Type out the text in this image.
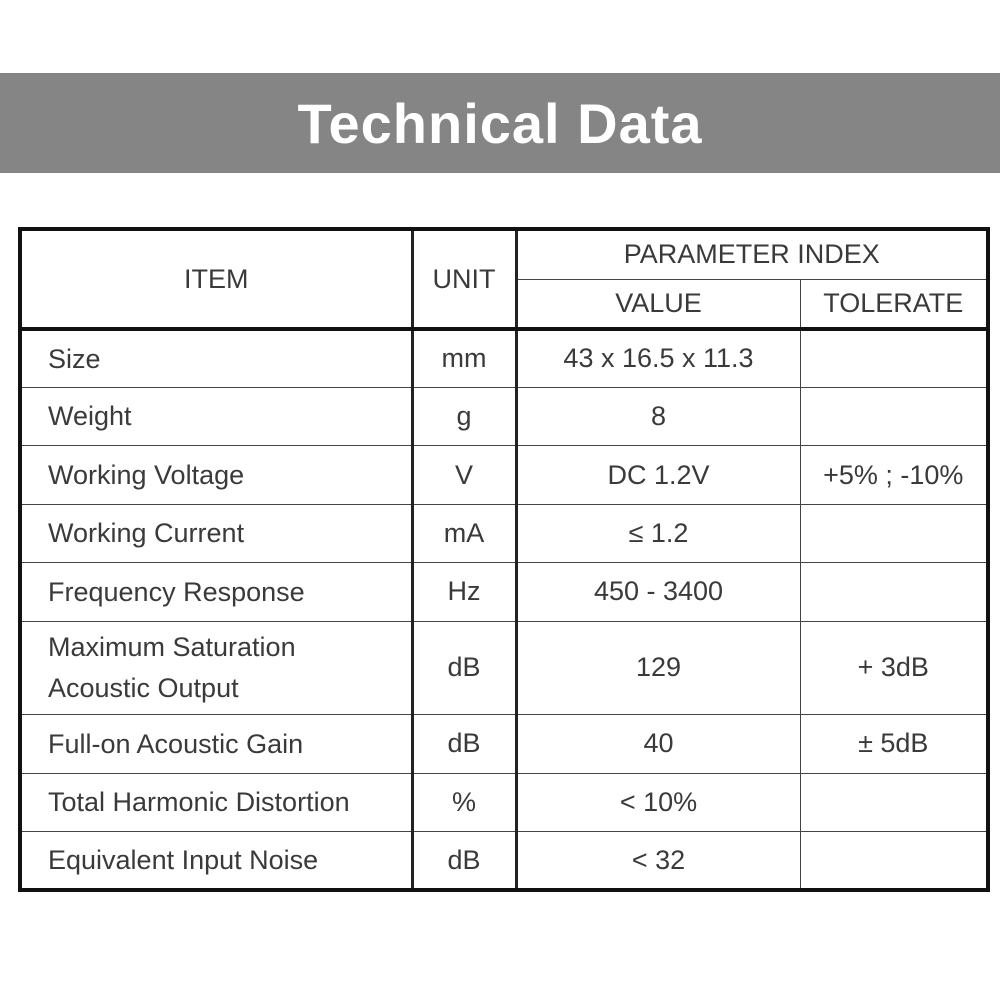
Technical Data
ITEM	UNIT	PARAMETER INDEX	
		VALUE	TOLERATE

Size	mm	43 x 16.5 x 11.3	

Weight	g	8	

Working Voltage	V	DC 1.2V	+5% ; -10%

Working Current	mA	≤ 1.2	

Frequency Response	Hz	450 - 3400	

Maximum Saturation
Acoustic Output	dB	129	+ 3dB

Full-on Acoustic Gain	dB	40	± 5dB

Total Harmonic Distortion	%	< 10%	

Equivalent Input Noise	dB	< 32	
